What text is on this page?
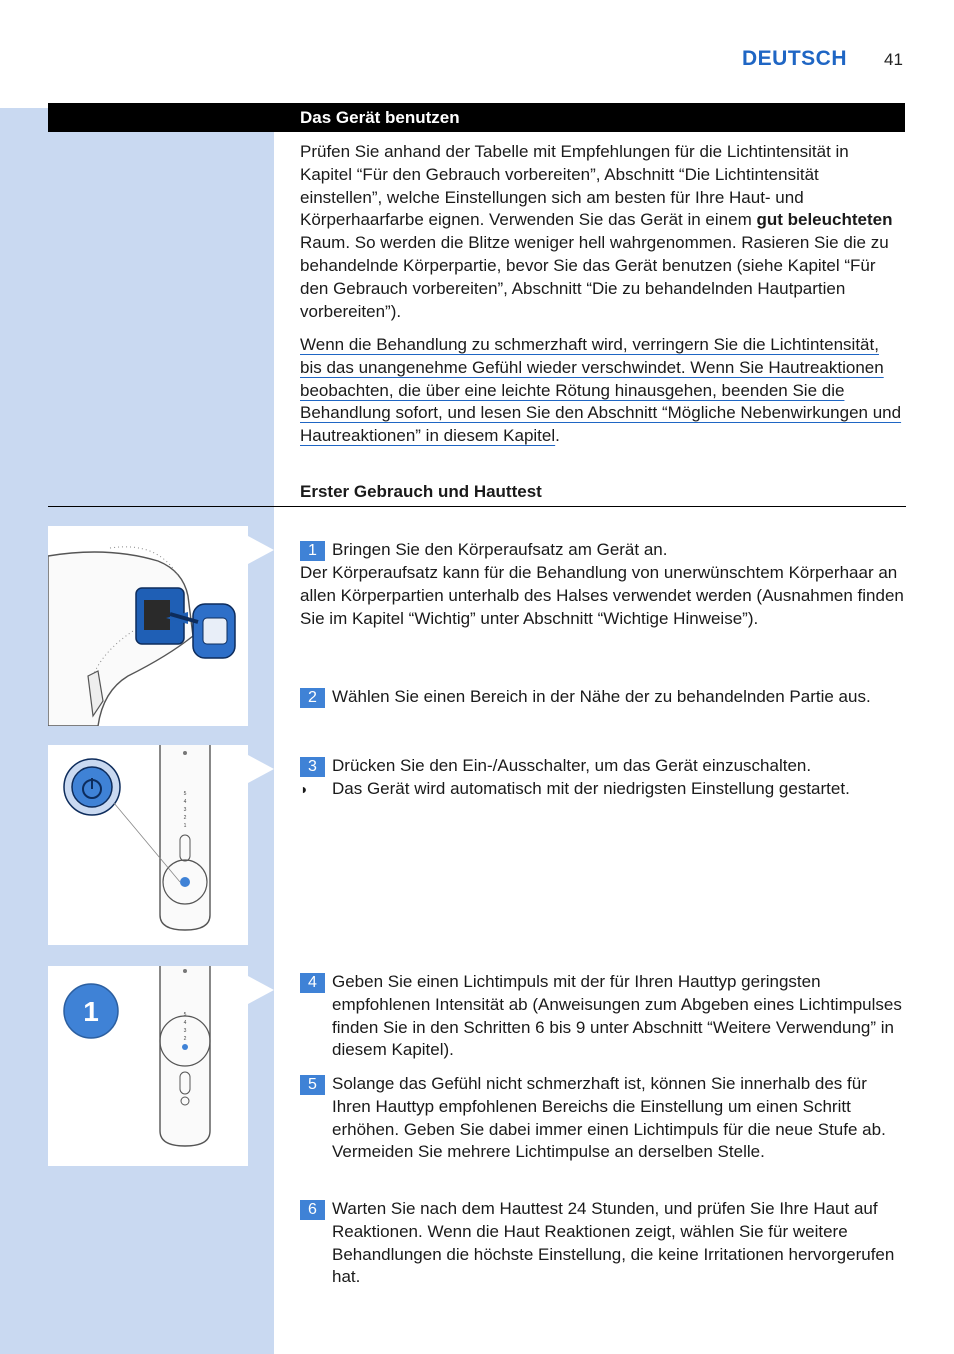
DEUTSCH 41
Das Gerät benutzen

Prüfen Sie anhand der Tabelle mit Empfehlungen für die Lichtintensität in Kapitel “Für den Gebrauch vorbereiten”, Abschnitt “Die Lichtintensität einstellen”, welche Einstellungen sich am besten für Ihre Haut- und Körperhaarfarbe eignen. Verwenden Sie das Gerät in einem gut beleuchteten Raum. So werden die Blitze weniger hell wahrgenommen. Rasieren Sie die zu behandelnde Körperpartie, bevor Sie das Gerät benutzen (siehe Kapitel “Für den Gebrauch vorbereiten”, Abschnitt “Die zu behandelnden Hautpartien vorbereiten”).

Wenn die Behandlung zu schmerzhaft wird, verringern Sie die Lichtintensität, bis das unangenehme Gefühl wieder verschwindet. Wenn Sie Hautreaktionen beobachten, die über eine leichte Rötung hinausgehen, beenden Sie die Behandlung sofort, und lesen Sie den Abschnitt “Mögliche Nebenwirkungen und Hautreaktionen” in diesem Kapitel.

Erster Gebrauch und Hauttest
5
4
3
2
1
5
4
3
2
1
1 Bringen Sie den Körperaufsatz am Gerät an.
Der Körperaufsatz kann für die Behandlung von unerwünschtem Körperhaar an allen Körperpartien unterhalb des Halses verwendet werden (Ausnahmen finden Sie im Kapitel “Wichtig” unter Abschnitt “Wichtige Hinweise”).
2 Wählen Sie einen Bereich in der Nähe der zu behandelnden Partie aus.
3 Drücken Sie den Ein-/Ausschalter, um das Gerät einzuschalten.
◗ Das Gerät wird automatisch mit der niedrigsten Einstellung gestartet.
4 Geben Sie einen Lichtimpuls mit der für Ihren Hauttyp geringsten empfohlenen Intensität ab (Anweisungen zum Abgeben eines Lichtimpulses finden Sie in den Schritten 6 bis 9 unter Abschnitt “Weitere Verwendung” in diesem Kapitel).
5 Solange das Gefühl nicht schmerzhaft ist, können Sie innerhalb des für Ihren Hauttyp empfohlenen Bereichs die Einstellung um einen Schritt erhöhen. Geben Sie dabei immer einen Lichtimpuls für die neue Stufe ab. Vermeiden Sie mehrere Lichtimpulse an derselben Stelle.
6 Warten Sie nach dem Hauttest 24 Stunden, und prüfen Sie Ihre Haut auf Reaktionen. Wenn die Haut Reaktionen zeigt, wählen Sie für weitere Behandlungen die höchste Einstellung, die keine Irritationen hervorgerufen hat.
